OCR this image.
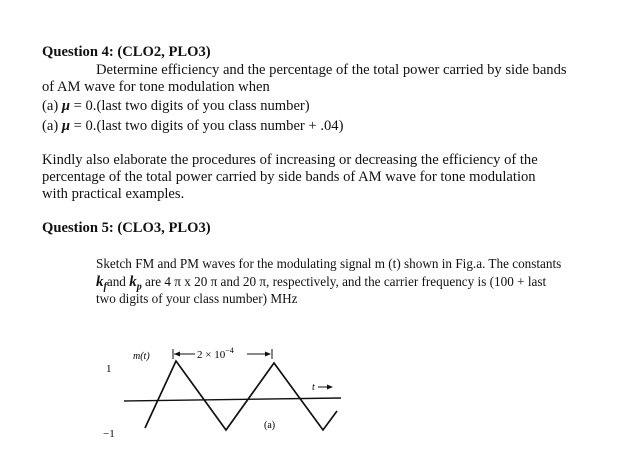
Question 4: (CLO2, PLO3)
Determine efficiency and the percentage of the total power carried by side bands
of AM wave for tone modulation when
(a) μ = 0.(last two digits of you class number)
(a) μ = 0.(last two digits of you class number + .04)
Kindly also elaborate the procedures of increasing or decreasing the efficiency of the
percentage of the total power carried by side bands of AM wave for tone modulation
with practical examples.
Question 5: (CLO3, PLO3)
Sketch FM and PM waves for the modulating signal m (t) shown in Fig.a. The constants
$k_fand$ $k_p$ are 4 π x 20 π and 20 π, respectively, and the carrier frequency is (100 + last
two digits of your class number) MHz
m(t)	$2 \times 10^{-4}$
1
−1
t
(a)
